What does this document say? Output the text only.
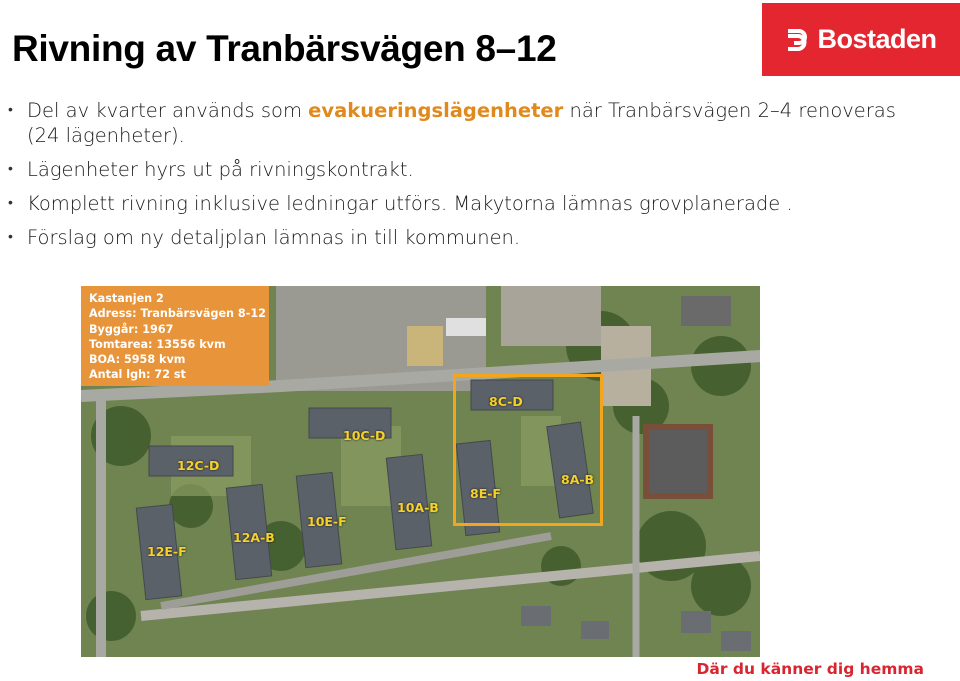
Rivning av Tranbärsvägen 8–12	Bostaden
• Del av kvarter används som evakueringslägenheter när Tranbärsvägen 2–4 renoveras (24 lägenheter).
• Lägenheter hyrs ut på rivningskontrakt.
• Komplett rivning inklusive ledningar utförs. Makytorna lämnas grovplanerade .
• Förslag om ny detaljplan lämnas in till kommunen.
Kastanjen 2
Adress: Tranbärsvägen 8-12
Byggår: 1967
Tomtarea: 13556 kvm
BOA: 5958 kvm
Antal lgh: 72 st
8C-D
10C-D
12C-D
8A-B
8E-F
10A-B
10E-F
12A-B
12E-F
Där du känner dig hemma
